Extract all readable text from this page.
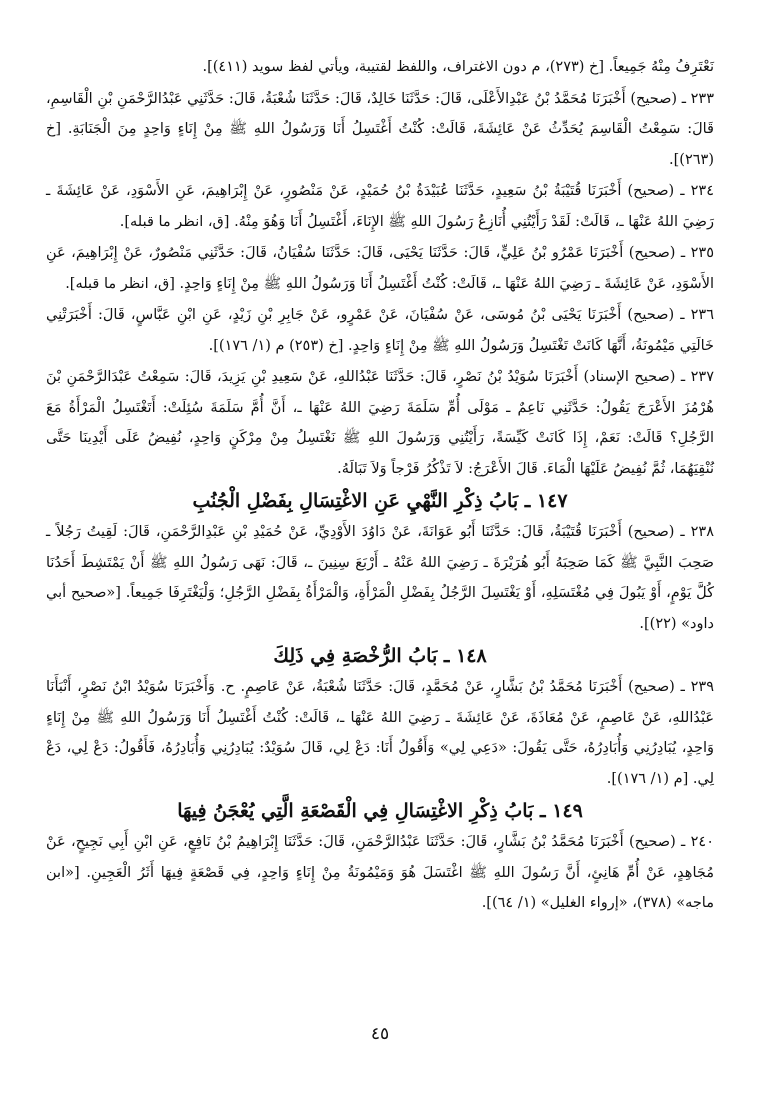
نَعْتَرِفُ مِنْهُ جَمِيعاً. [خ (٢٧٣)، م دون الاغتراف، واللفظ لقتيبة، ويأتي لفظ سويد (٤١١)].

٢٣٣ ـ (صحيح) أَخْبَرَنَا مُحَمَّدُ بْنُ عَبْدِالأَعْلَى، قَالَ: حَدَّثَنَا خَالِدٌ، قَالَ: حَدَّثَنَا شُعْبَةُ، قَالَ: حَدَّثَنِي عَبْدُالرَّحْمَنِ بْنِ الْقَاسِمِ، قَالَ: سَمِعْتُ الْقَاسِمَ يُحَدِّثُ عَنْ عَائِشَةَ، قَالَتْ: كُنْتُ أَغْتَسِلُ أَنَا وَرَسُولُ اللهِ ﷺ مِنْ إِنَاءٍ وَاحِدٍ مِنَ الْجَنَابَةِ. [خ (٢٦٣)].

٢٣٤ ـ (صحيح) أَخْبَرَنَا قُتَيْبَةُ بْنُ سَعِيدٍ، حَدَّثَنَا عُبَيْدَةُ بْنُ حُمَيْدٍ، عَنْ مَنْصُورٍ، عَنْ إِبْرَاهِيمَ، عَنِ الأَسْوَدِ، عَنْ عَائِشَةَ ـ رَضِيَ اللهُ عَنْهَا ـ، قَالَتْ: لَقَدْ رَأَيْتُنِي أُنَازِعُ رَسُولَ اللهِ ﷺ الإِنَاءَ، أَغْتَسِلُ أَنَا وَهُوَ مِنْهُ. [ق، انظر ما قبله].

٢٣٥ ـ (صحيح) أَخْبَرَنَا عَمْرُو بْنُ عَلِيٍّ، قَالَ: حَدَّثَنَا يَحْيَى، قَالَ: حَدَّثَنَا سُفْيَانُ، قَالَ: حَدَّثَنِي مَنْصُورٌ، عَنْ إِبْرَاهِيمَ، عَنِ الأَسْوَدِ، عَنْ عَائِشَةَ ـ رَضِيَ اللهُ عَنْهَا ـ، قَالَتْ: كُنْتُ أَغْتَسِلُ أَنَا وَرَسُولُ اللهِ ﷺ مِنْ إِنَاءٍ وَاحِدٍ. [ق، انظر ما قبله].

٢٣٦ ـ (صحيح) أَخْبَرَنَا يَحْيَى بْنُ مُوسَى، عَنْ سُفْيَانَ، عَنْ عَمْرٍو، عَنْ جَابِرِ بْنِ زَيْدٍ، عَنِ ابْنِ عَبَّاسٍ، قَالَ: أَخْبَرَتْنِي خَالَتِي مَيْمُونَةُ، أَنَّهَا كَانَتْ تَغْتَسِلُ وَرَسُولُ اللهِ ﷺ مِنْ إِنَاءٍ وَاحِدٍ. [خ (٢٥٣) م (١/ ١٧٦)].

٢٣٧ ـ (صحيح الإسناد) أَخْبَرَنَا سُوَيْدُ بْنُ نَصْرٍ، قَالَ: حَدَّثَنَا عَبْدُاللهِ، عَنْ سَعِيدِ بْنِ يَزِيدَ، قَالَ: سَمِعْتُ عَبْدَالرَّحْمَنِ بْنَ هُرْمُزَ الأَعْرَجَ يَقُولُ: حَدَّثَنِي نَاعِمٌ ـ مَوْلَى أُمِّ سَلَمَةَ رَضِيَ اللهُ عَنْهَا ـ، أَنَّ أُمَّ سَلَمَةَ سُئِلَتْ: أَتَغْتَسِلُ الْمَرْأَةُ مَعَ الرَّجُلِ؟ قَالَتْ: نَعَمْ، إِذَا كَانَتْ كَيِّسَةً، رَأَيْتُنِي وَرَسُولَ اللهِ ﷺ نَغْتَسِلُ مِنْ مِرْكَنٍ وَاحِدٍ، نُفِيضُ عَلَى أَيْدِينَا حَتَّى نُنْقِيَهُمَا، ثُمَّ نُفِيضُ عَلَيْهَا الْمَاءَ. قَالَ الأَعْرَجُ: لاَ تَذْكُرُ فَرْجاً وَلاَ تَبَالَهُ.

١٤٧ ـ بَابُ ذِكْرِ النَّهْيِ عَنِ الاغْتِسَالِ بِفَضْلِ الْجُنُبِ

٢٣٨ ـ (صحيح) أَخْبَرَنَا قُتَيْبَةُ، قَالَ: حَدَّثَنَا أَبُو عَوَانَةَ، عَنْ دَاوُدَ الأَوْدِيِّ، عَنْ حُمَيْدِ بْنِ عَبْدِالرَّحْمَنِ، قَالَ: لَقِيتُ رَجُلاً ـ صَحِبَ النَّبِيَّ ﷺ كَمَا صَحِبَهُ أَبُو هُرَيْرَةَ ـ رَضِيَ اللهُ عَنْهُ ـ أَرْبَعَ سِنِينَ ـ، قَالَ: نَهَى رَسُولُ اللهِ ﷺ أَنْ يَمْتَشِطَ أَحَدُنَا كُلَّ يَوْمٍ، أَوْ يَبُولَ فِي مُغْتَسَلِهِ، أَوْ يَغْتَسِلَ الرَّجُلُ بِفَضْلِ الْمَرْأَةِ، وَالْمَرْأَةُ بِفَضْلِ الرَّجُلِ؛ وَلْيَغْتَرِفَا جَمِيعاً. [«صحيح أبي داود» (٢٢)].

١٤٨ ـ بَابُ الرُّخْصَةِ فِي ذَلِكَ

٢٣٩ ـ (صحيح) أَخْبَرَنَا مُحَمَّدُ بْنُ بَشَّارٍ، عَنْ مُحَمَّدٍ، قَالَ: حَدَّثَنَا شُعْبَةُ، عَنْ عَاصِمٍ. ح. وَأَخْبَرَنَا سُوَيْدُ ابْنُ نَصْرٍ، أَنْبَأَنَا عَبْدُاللهِ، عَنْ عَاصِمٍ، عَنْ مُعَاذَةَ، عَنْ عَائِشَةَ ـ رَضِيَ اللهُ عَنْهَا ـ، قَالَتْ: كُنْتُ أَغْتَسِلُ أَنَا وَرَسُولُ اللهِ ﷺ مِنْ إِنَاءٍ وَاحِدٍ، يُبَادِرُنِي وَأُبَادِرُهُ، حَتَّى يَقُولَ: «دَعِي لِي» وَأَقُولُ أَنَا: دَعْ لِي، قَالَ سُوَيْدٌ: يُبَادِرُنِي وَأُبَادِرُهُ، فَأَقُولُ: دَعْ لِي، دَعْ لِي. [م (١/ ١٧٦)].

١٤٩ ـ بَابُ ذِكْرِ الاغْتِسَالِ فِي الْقَصْعَةِ الَّتِي يُعْجَنُ فِيهَا

٢٤٠ ـ (صحيح) أَخْبَرَنَا مُحَمَّدُ بْنُ بَشَّارٍ، قَالَ: حَدَّثَنَا عَبْدُالرَّحْمَنِ، قَالَ: حَدَّثَنَا إِبْرَاهِيمُ بْنُ نَافِعٍ، عَنِ ابْنِ أَبِي نَجِيحٍ، عَنْ مُجَاهِدٍ، عَنْ أُمِّ هَانِئٍ، أَنَّ رَسُولَ اللهِ ﷺ اغْتَسَلَ هُوَ وَمَيْمُونَةُ مِنْ إِنَاءٍ وَاحِدٍ، فِي قَصْعَةٍ فِيهَا أَثَرُ الْعَجِينِ. [«ابن ماجه» (٣٧٨)، «إرواء الغليل» (١/ ٦٤)].

٤٥
